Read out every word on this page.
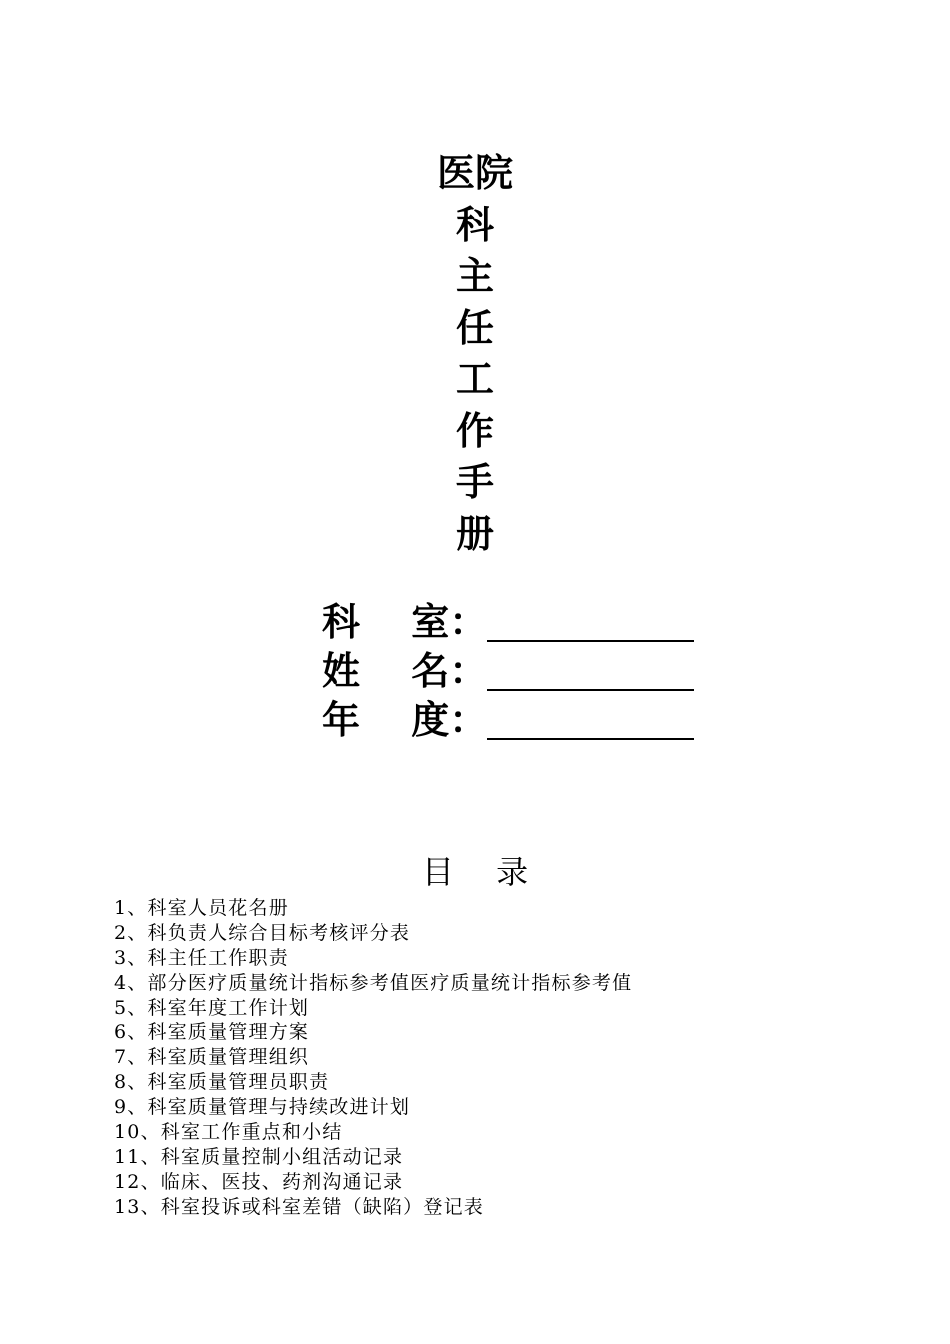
医院
科
主
任
工
作
手
册
科　 室：
姓　 名：
年　 度：
目　 录
1、科室人员花名册
2、科负责人综合目标考核评分表
3、科主任工作职责
4、部分医疗质量统计指标参考值医疗质量统计指标参考值
5、科室年度工作计划
6、科室质量管理方案
7、科室质量管理组织
8、科室质量管理员职责
9、科室质量管理与持续改进计划
10、科室工作重点和小结
11、科室质量控制小组活动记录
12、临床、医技、药剂沟通记录
13、科室投诉或科室差错（缺陷）登记表
